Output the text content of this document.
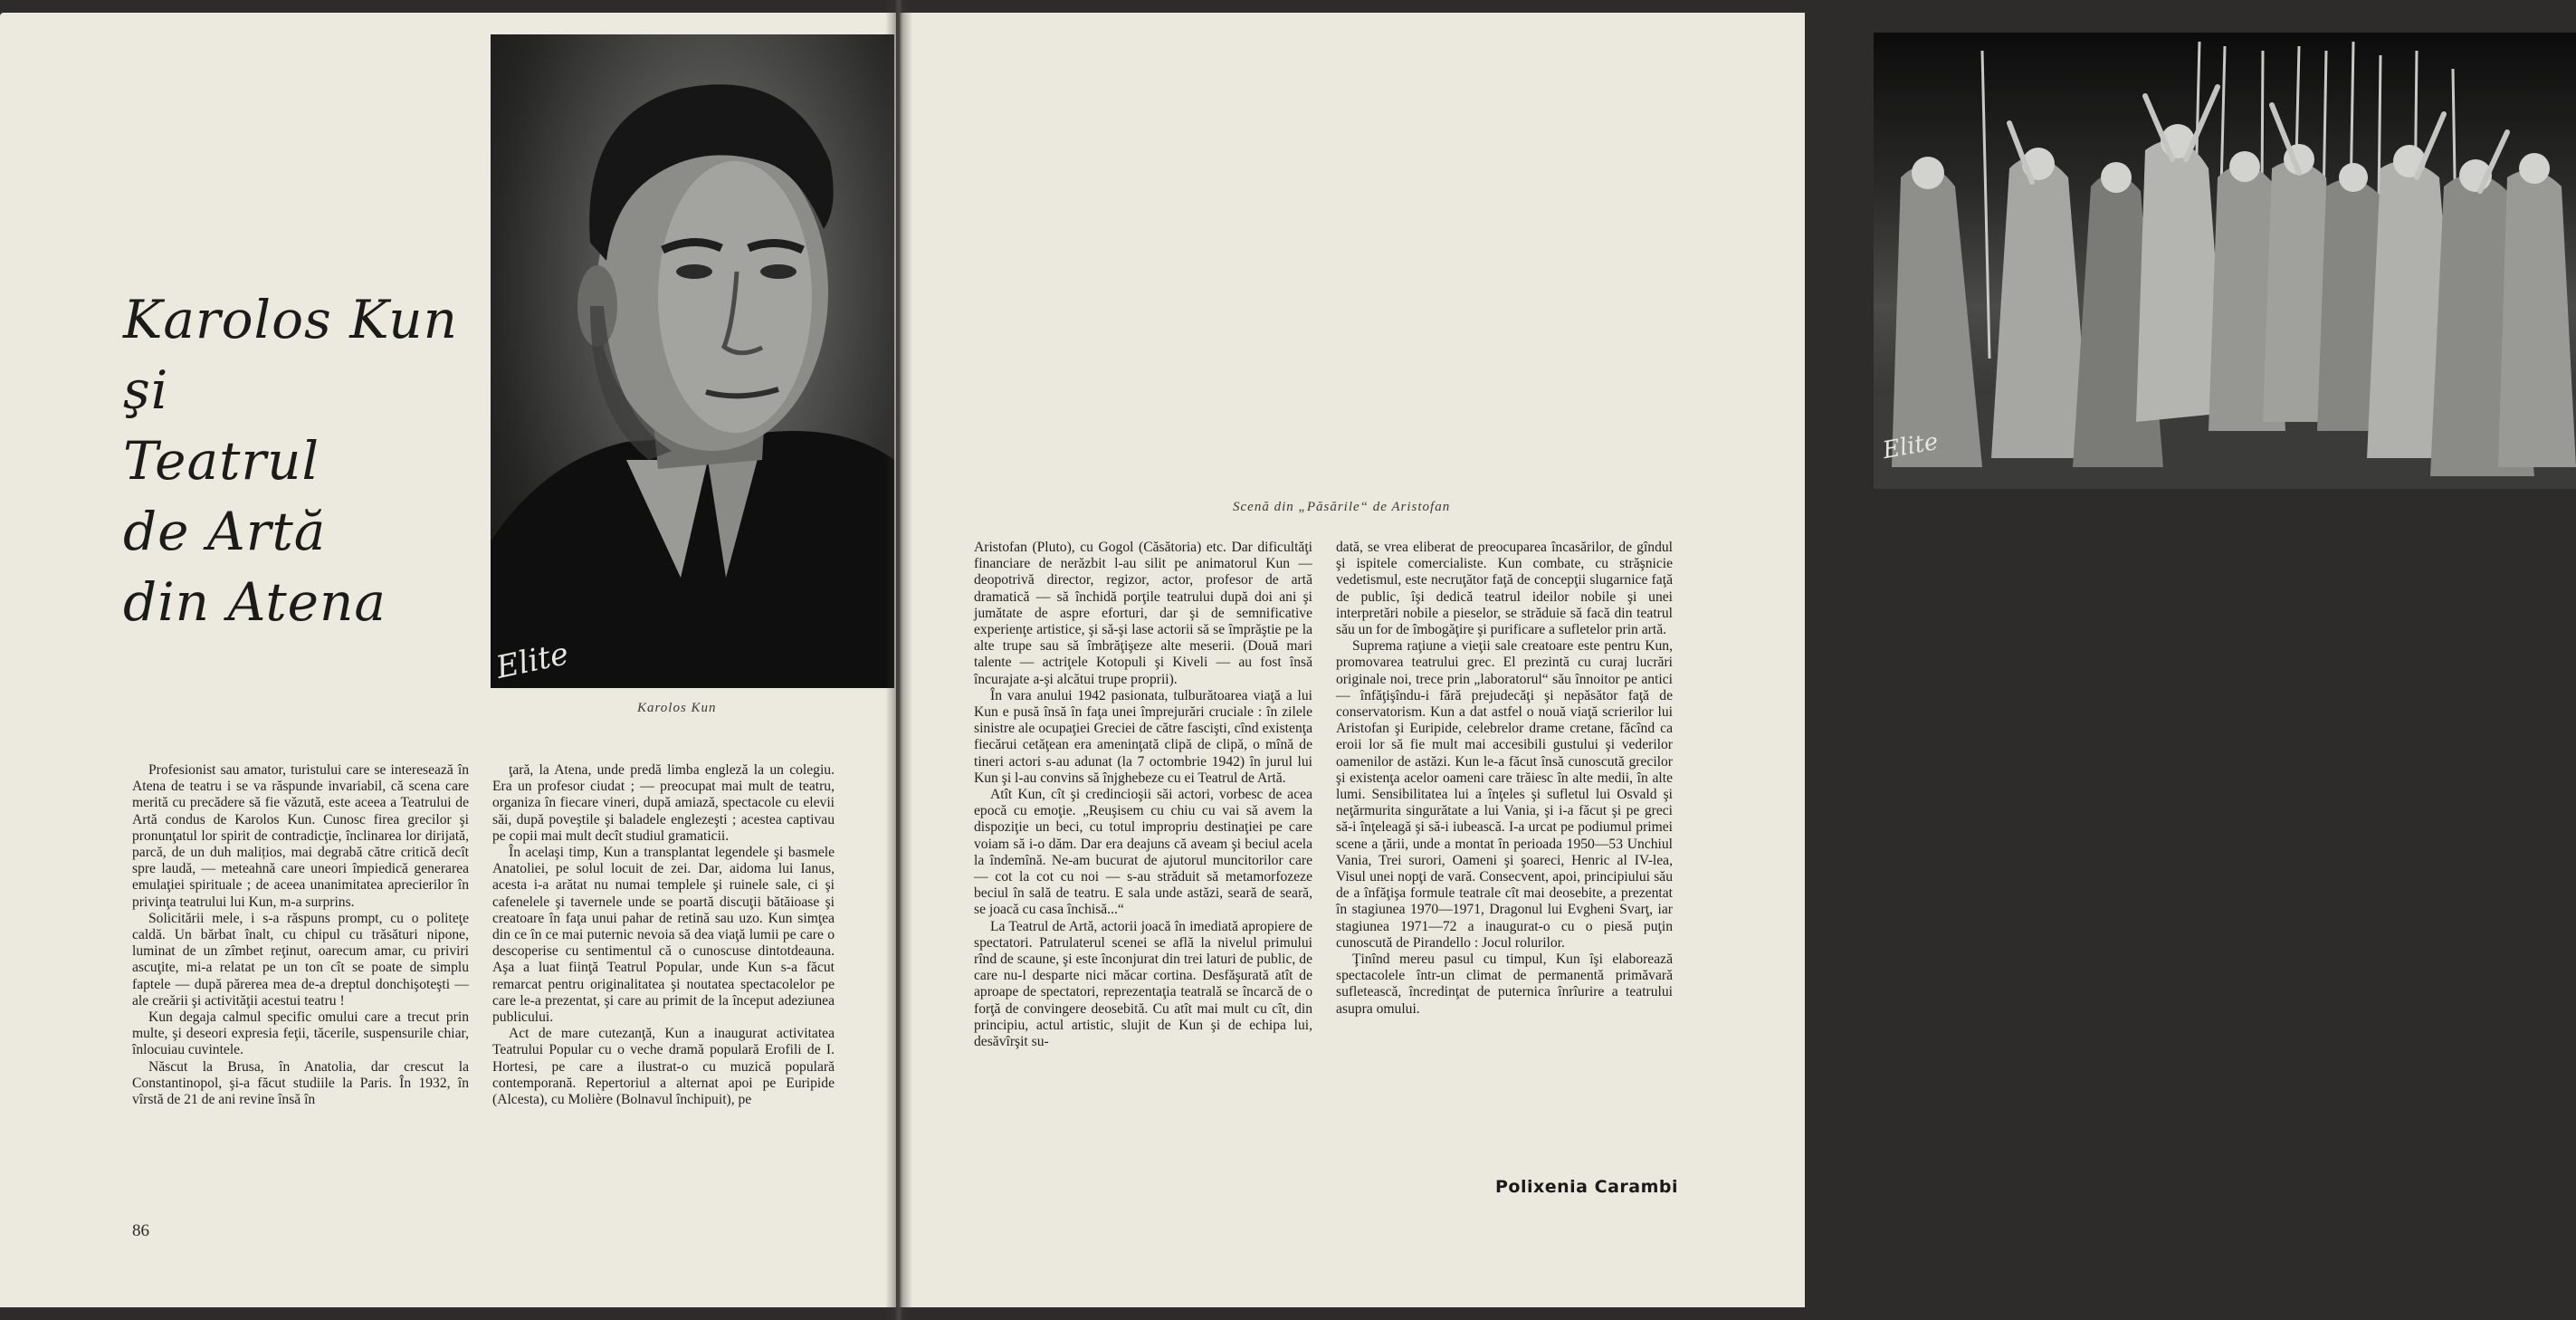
Karolos Kun
şi
Teatrul
de Artă
din Atena
Elite
Karolos Kun

Profesionist sau amator, turistului care se interesează în Atena de teatru i se va răspunde invariabil, că scena care merită cu precădere să fie văzută, este aceea a Teatrului de Artă condus de Karolos Kun. Cunosc firea grecilor şi pronunţatul lor spirit de contradicţie, înclinarea lor dirijată, parcă, de un duh malițios, mai degrabă către critică decît spre laudă, — meteahnă care uneori împiedică generarea emulaţiei spirituale ; de aceea unanimitatea aprecierilor în privinţa teatrului lui Kun, m-a surprins.

Solicitării mele, i s-a răspuns prompt, cu o politeţe caldă. Un bărbat înalt, cu chipul cu trăsături nipone, luminat de un zîmbet reţinut, oarecum amar, cu priviri ascuţite, mi-a relatat pe un ton cît se poate de simplu faptele — după părerea mea de-a dreptul donchişoteşti — ale creării şi activităţii acestui teatru !

Kun degaja calmul specific omului care a trecut prin multe, şi deseori expresia feţii, tăcerile, suspensurile chiar, înlocuiau cuvintele.

Născut la Brusa, în Anatolia, dar crescut la Constantinopol, şi-a făcut studiile la Paris. În 1932, în vîrstă de 21 de ani revine însă în

ţară, la Atena, unde predă limba engleză la un colegiu. Era un profesor ciudat ; — preocupat mai mult de teatru, organiza în fiecare vineri, după amiază, spectacole cu elevii săi, după poveştile şi baladele englezeşti ; acestea captivau pe copii mai mult decît studiul gramaticii.

În acelaşi timp, Kun a transplantat legendele şi basmele Anatoliei, pe solul locuit de zei. Dar, aidoma lui Ianus, acesta i-a arătat nu numai templele şi ruinele sale, ci şi cafenelele şi tavernele unde se poartă discuţii bătăioase şi creatoare în faţa unui pahar de retină sau uzo. Kun simţea din ce în ce mai puternic nevoia să dea viaţă lumii pe care o descoperise cu sentimentul că o cunoscuse dintotdeauna. Aşa a luat fiinţă Teatrul Popular, unde Kun s-a făcut remarcat pentru originalitatea şi noutatea spectacolelor pe care le-a prezentat, şi care au primit de la început adeziunea publicului.

Act de mare cutezanţă, Kun a inaugurat activitatea Teatrului Popular cu o veche dramă populară Erofili de I. Hortesi, pe care a ilustrat-o cu muzică populară contemporană. Repertoriul a alternat apoi pe Euripide (Alcesta), cu Molière (Bolnavul închipuit), pe

86
Elite
Scenă din „Păsările“ de Aristofan

Aristofan (Pluto), cu Gogol (Căsătoria) etc. Dar dificultăţi financiare de nerăzbit l-au silit pe animatorul Kun — deopotrivă director, regizor, actor, profesor de artă dramatică — să închidă porţile teatrului după doi ani şi jumătate de aspre eforturi, dar şi de semnificative experienţe artistice, şi să-şi lase actorii să se împrăştie pe la alte trupe sau să îmbrăţişeze alte meserii. (Două mari talente — actriţele Kotopuli şi Kiveli — au fost însă încurajate a-şi alcătui trupe proprii).

În vara anului 1942 pasionata, tulburătoarea viaţă a lui Kun e pusă însă în faţa unei împrejurări cruciale : în zilele sinistre ale ocupaţiei Greciei de către fascişti, cînd existenţa fiecărui cetăţean era ameninţată clipă de clipă, o mînă de tineri actori s-au adunat (la 7 octombrie 1942) în jurul lui Kun şi l-au convins să înjghebeze cu ei Teatrul de Artă.

Atît Kun, cît şi credincioşii săi actori, vorbesc de acea epocă cu emoţie. „Reuşisem cu chiu cu vai să avem la dispoziţie un beci, cu totul impropriu destinaţiei pe care voiam să i-o dăm. Dar era deajuns că aveam şi beciul acela la îndemînă. Ne-am bucurat de ajutorul muncitorilor care — cot la cot cu noi — s-au străduit să metamorfozeze beciul în sală de teatru. E sala unde astăzi, seară de seară, se joacă cu casa închisă...“

La Teatrul de Artă, actorii joacă în imediată apropiere de spectatori. Patrulaterul scenei se află la nivelul primului rînd de scaune, şi este înconjurat din trei laturi de public, de care nu-l desparte nici măcar cortina. Desfăşurată atît de aproape de spectatori, reprezentaţia teatrală se încarcă de o forţă de convingere deosebită. Cu atît mai mult cu cît, din principiu, actul artistic, slujit de Kun şi de echipa lui, desăvîrşit su-

dată, se vrea eliberat de preocuparea încasărilor, de gîndul şi ispitele comercialiste. Kun combate, cu străşnicie vedetismul, este necruţător faţă de concepţii slugarnice faţă de public, îşi dedică teatrul ideilor nobile şi unei interpretări nobile a pieselor, se străduie să facă din teatrul său un for de îmbogăţire şi purificare a sufletelor prin artă.

Suprema raţiune a vieţii sale creatoare este pentru Kun, promovarea teatrului grec. El prezintă cu curaj lucrări originale noi, trece prin „laboratorul“ său înnoitor pe antici — înfăţişîndu-i fără prejudecăţi şi nepăsător faţă de conservatorism. Kun a dat astfel o nouă viaţă scrierilor lui Aristofan şi Euripide, celebrelor drame cretane, făcînd ca eroii lor să fie mult mai accesibili gustului şi vederilor oamenilor de astăzi. Kun le-a făcut însă cunoscută grecilor şi existenţa acelor oameni care trăiesc în alte medii, în alte lumi. Sensibilitatea lui a înţeles şi sufletul lui Osvald şi neţărmurita singurătate a lui Vania, şi i-a făcut şi pe greci să-i înţeleagă şi să-i iubească. I-a urcat pe podiumul primei scene a ţării, unde a montat în perioada 1950—53 Unchiul Vania, Trei surori, Oameni şi şoareci, Henric al IV-lea, Visul unei nopţi de vară. Consecvent, apoi, principiului său de a înfăţişa formule teatrale cît mai deosebite, a prezentat în stagiunea 1970—1971, Dragonul lui Evgheni Svarţ, iar stagiunea 1971—72 a inaugurat-o cu o piesă puţin cunoscută de Pirandello : Jocul rolurilor.

Ţinînd mereu pasul cu timpul, Kun îşi elaborează spectacolele într-un climat de permanentă primăvară sufletească, încredinţat de puternica înrîurire a teatrului asupra omului.

Polixenia Carambi
